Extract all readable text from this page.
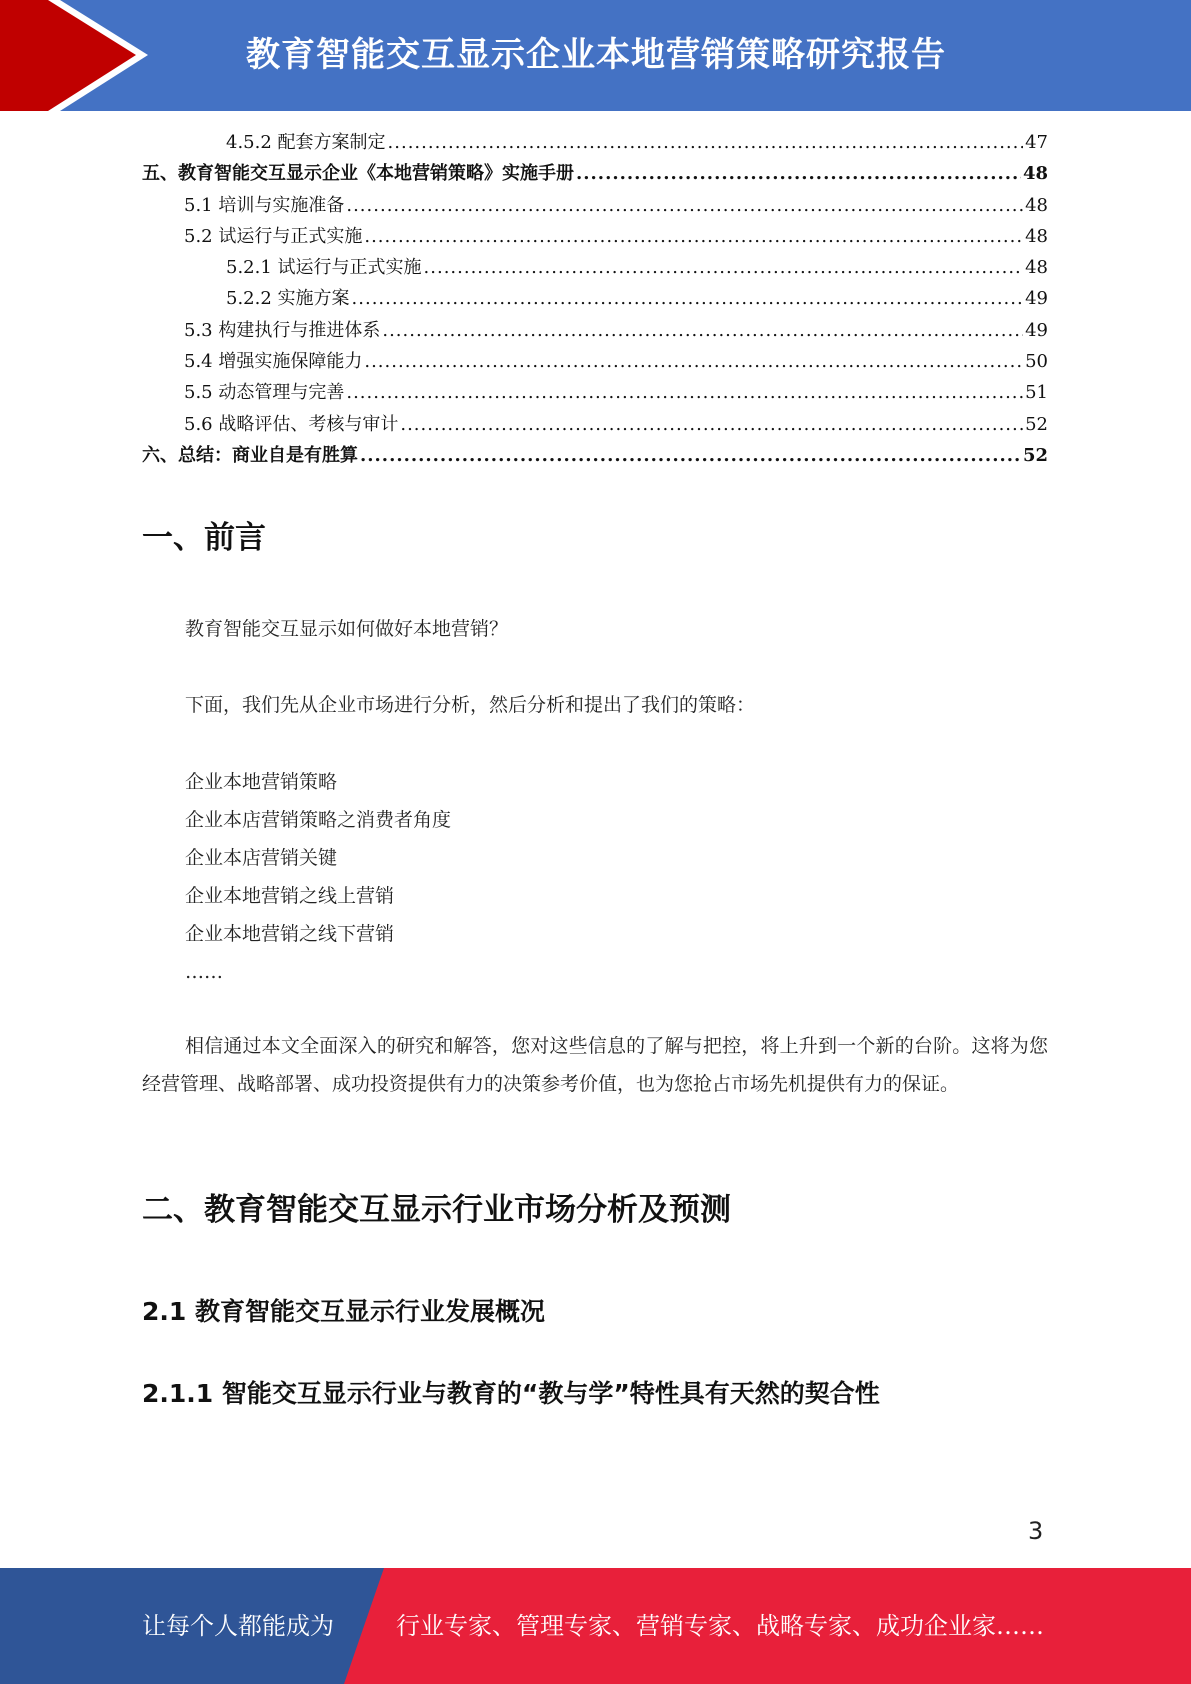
教育智能交互显示企业本地营销策略研究报告
4.5.2 配套方案制定 .....	47
五、教育智能交互显示企业《本地营销策略》实施手册 .....	48
5.1 培训与实施准备 .....	48
5.2 试运行与正式实施 .....	48
5.2.1 试运行与正式实施 .....	48
5.2.2 实施方案 .....	49
5.3 构建执行与推进体系 .....	49
5.4 增强实施保障能力 .....	50
5.5 动态管理与完善 .....	51
5.6 战略评估、考核与审计 .....	52
六、总结：商业自是有胜算 .....	52
一、前言
教育智能交互显示如何做好本地营销？
下面，我们先从企业市场进行分析，然后分析和提出了我们的策略：
企业本地营销策略
企业本店营销策略之消费者角度
企业本店营销关键
企业本地营销之线上营销
企业本地营销之线下营销
……
相信通过本文全面深入的研究和解答，您对这些信息的了解与把控，将上升到一个新的台阶。这将为您经营管理、战略部署、成功投资提供有力的决策参考价值，也为您抢占市场先机提供有力的保证。
二、教育智能交互显示行业市场分析及预测
2.1 教育智能交互显示行业发展概况
2.1.1 智能交互显示行业与教育的“教与学”特性具有天然的契合性
3
让每个人都能成为	行业专家、管理专家、营销专家、战略专家、成功企业家……
